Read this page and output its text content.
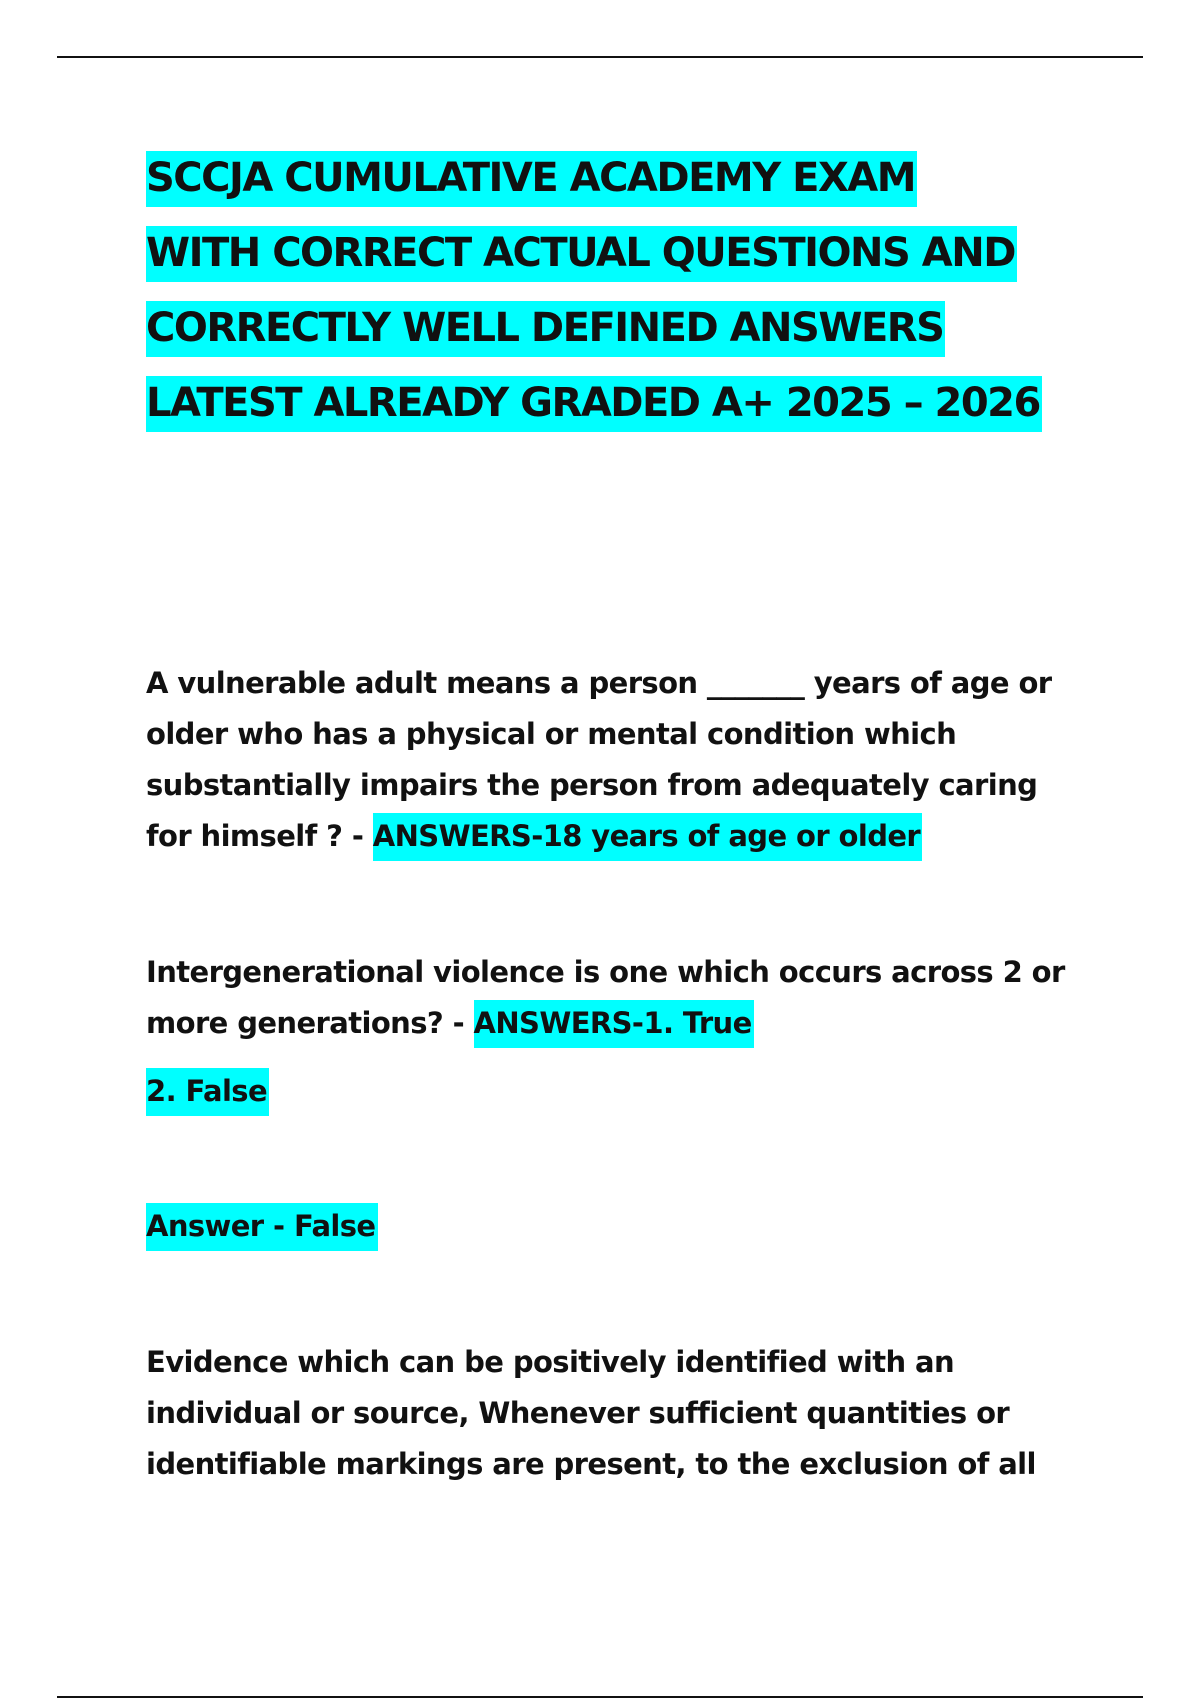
SCCJA CUMULATIVE ACADEMY EXAM
WITH CORRECT ACTUAL QUESTIONS AND
CORRECTLY WELL DEFINED ANSWERS
LATEST ALREADY GRADED A+ 2025 – 2026

A vulnerable adult means a person _______ years of age or older who has a physical or mental condition which substantially impairs the person from adequately caring for himself ? - ANSWERS-18 years of age or older

Intergenerational violence is one which occurs across 2 or more generations? - ANSWERS-1. True

2. False

Answer - False

Evidence which can be positively identified with an individual or source, Whenever sufficient quantities or identifiable markings are present, to the exclusion of all
